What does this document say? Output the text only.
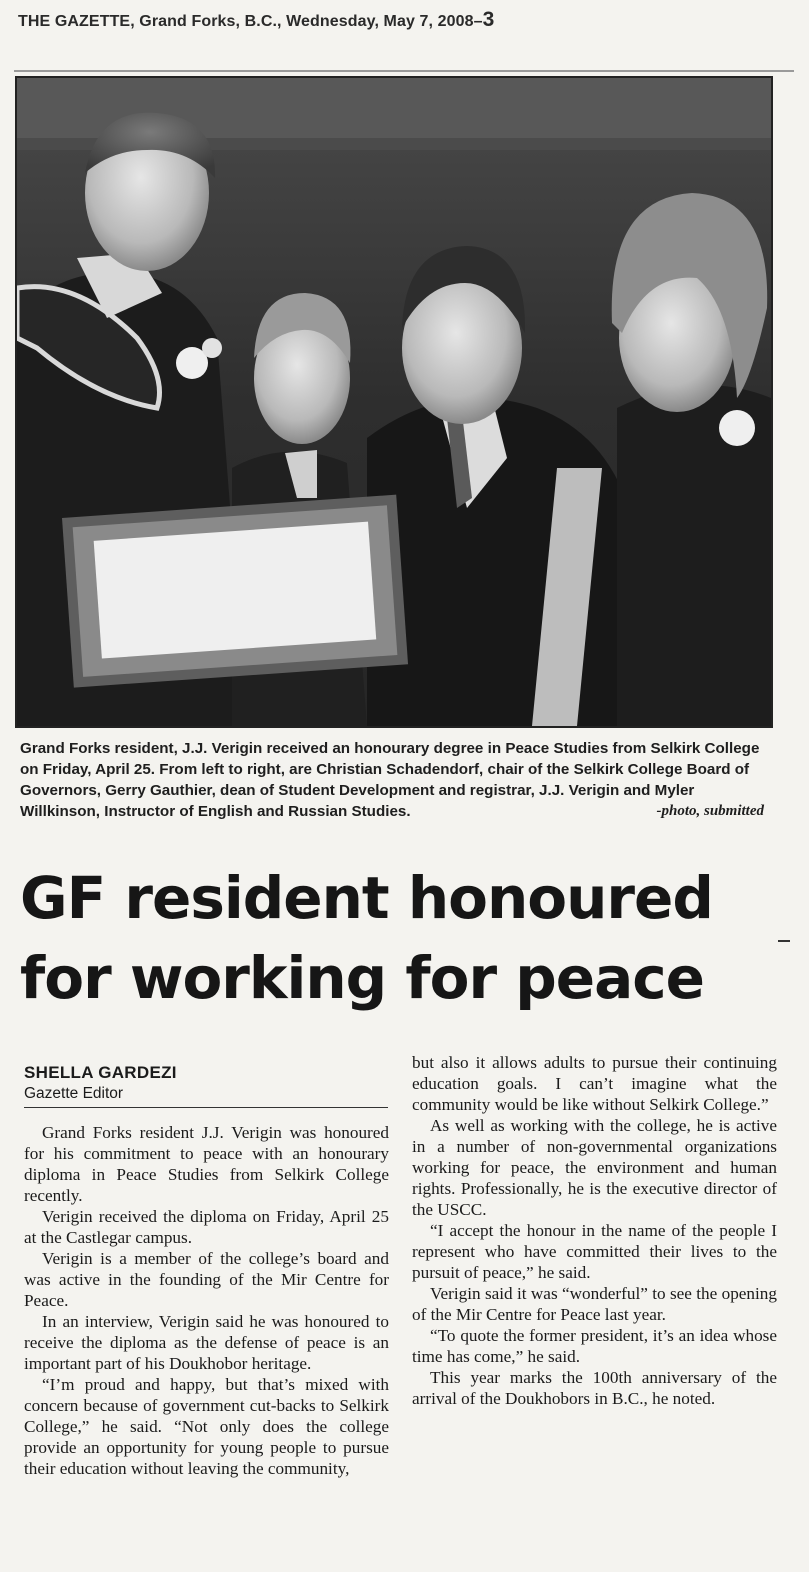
THE GAZETTE, Grand Forks, B.C., Wednesday, May 7, 2008–3
Grand Forks resident, J.J. Verigin received an honourary degree in Peace Studies from Selkirk College on Friday, April 25. From left to right, are Christian Schadendorf, chair of the Selkirk College Board of Governors, Gerry Gauthier, dean of Student Development and registrar, J.J. Verigin and Myler Willkinson, Instructor of English and Russian Studies.	-photo, submitted
GF resident honoured
for working for peace
SHELLA GARDEZI
Gazette Editor

Grand Forks resident J.J. Verigin was honoured for his commitment to peace with an honourary diploma in Peace Studies from Selkirk College recently.

Verigin received the diploma on Friday, April 25 at the Castlegar campus.

Verigin is a member of the college’s board and was active in the founding of the Mir Centre for Peace.

In an interview, Verigin said he was honoured to receive the diploma as the defense of peace is an important part of his Doukhobor heritage.

“I’m proud and happy, but that’s mixed with concern because of government cut-backs to Selkirk College,” he said. “Not only does the college provide an opportunity for young people to pursue their education without leaving the community,

but also it allows adults to pursue their continuing education goals. I can’t imagine what the community would be like without Selkirk College.”

As well as working with the college, he is active in a number of non-governmental organizations working for peace, the environment and human rights. Professionally, he is the executive director of the USCC.

“I accept the honour in the name of the people I represent who have committed their lives to the pursuit of peace,” he said.

Verigin said it was “wonderful” to see the opening of the Mir Centre for Peace last year.

“To quote the former president, it’s an idea whose time has come,” he said.

This year marks the 100th anniversary of the arrival of the Doukhobors in B.C., he noted.
